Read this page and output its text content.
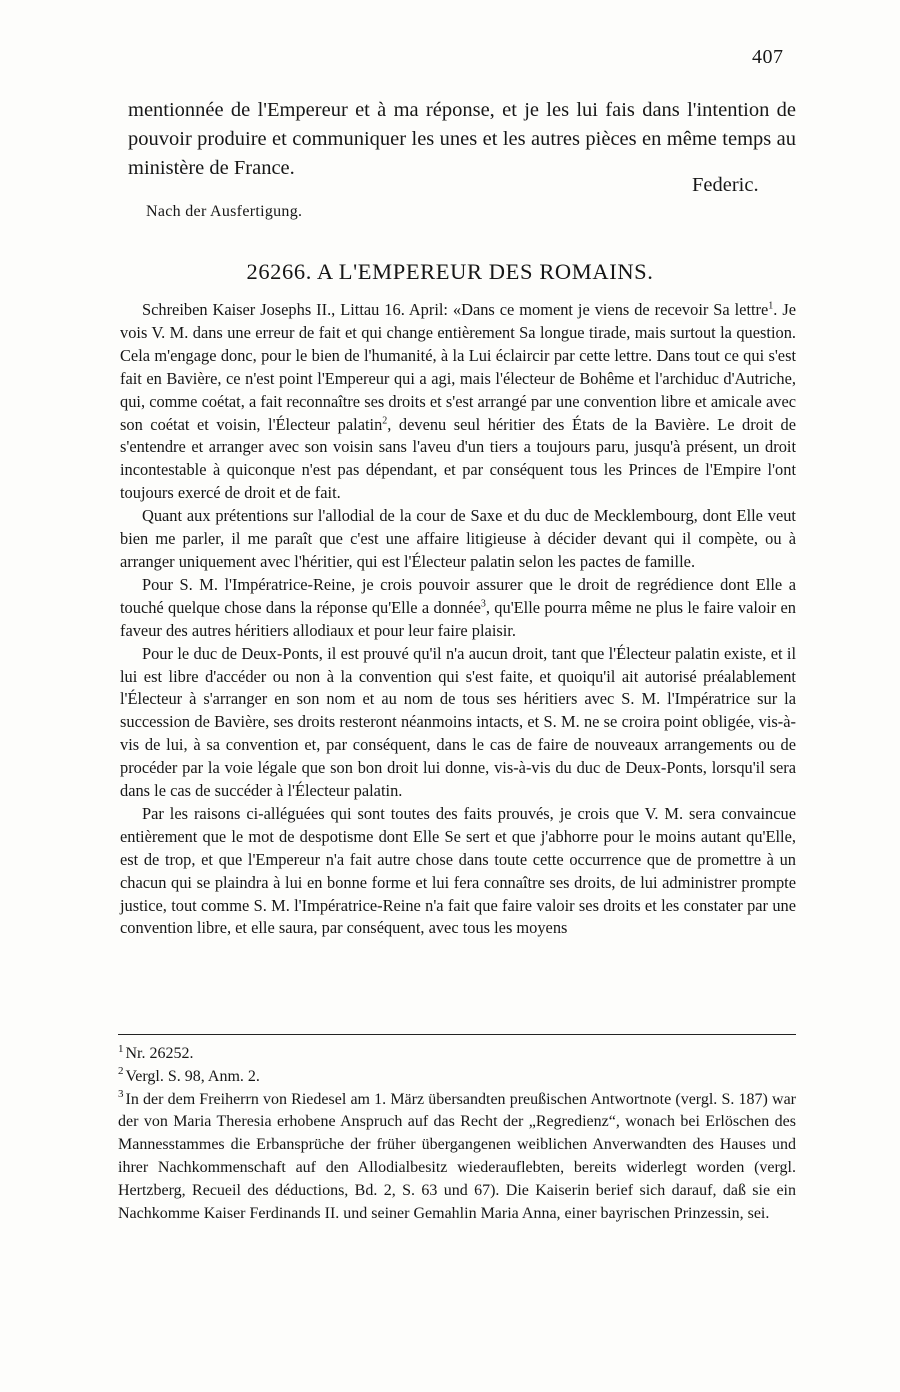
407

mentionnée de l'Empereur et à ma réponse, et je les lui fais dans l'intention de pouvoir produire et communiquer les unes et les autres pièces en même temps au ministère de France.

Federic.
Nach der Ausfertigung.
26266. A L'EMPEREUR DES ROMAINS.

Schreiben Kaiser Josephs II., Littau 16. April: «Dans ce moment je viens de recevoir Sa lettre$^1$. Je vois V. M. dans une erreur de fait et qui change entièrement Sa longue tirade, mais surtout la question. Cela m'engage donc, pour le bien de l'humanité, à la Lui éclaircir par cette lettre. Dans tout ce qui s'est fait en Bavière, ce n'est point l'Empereur qui a agi, mais l'électeur de Bohême et l'archiduc d'Autriche, qui, comme coétat, a fait reconnaître ses droits et s'est arrangé par une convention libre et amicale avec son coétat et voisin, l'Électeur palatin$^2$, devenu seul héritier des États de la Bavière. Le droit de s'entendre et arranger avec son voisin sans l'aveu d'un tiers a toujours paru, jusqu'à présent, un droit incontestable à quiconque n'est pas dépendant, et par conséquent tous les Princes de l'Empire l'ont toujours exercé de droit et de fait.

Quant aux prétentions sur l'allodial de la cour de Saxe et du duc de Mecklembourg, dont Elle veut bien me parler, il me paraît que c'est une affaire litigieuse à décider devant qui il compète, ou à arranger uniquement avec l'héritier, qui est l'Électeur palatin selon les pactes de famille.

Pour S. M. l'Impératrice-Reine, je crois pouvoir assurer que le droit de regrédience dont Elle a touché quelque chose dans la réponse qu'Elle a donnée$^3$, qu'Elle pourra même ne plus le faire valoir en faveur des autres héritiers allodiaux et pour leur faire plaisir.

Pour le duc de Deux-Ponts, il est prouvé qu'il n'a aucun droit, tant que l'Électeur palatin existe, et il lui est libre d'accéder ou non à la convention qui s'est faite, et quoiqu'il ait autorisé préalablement l'Électeur à s'arranger en son nom et au nom de tous ses héritiers avec S. M. l'Impératrice sur la succession de Bavière, ses droits resteront néanmoins intacts, et S. M. ne se croira point obligée, vis-à-vis de lui, à sa convention et, par conséquent, dans le cas de faire de nouveaux arrangements ou de procéder par la voie légale que son bon droit lui donne, vis-à-vis du duc de Deux-Ponts, lorsqu'il sera dans le cas de succéder à l'Électeur palatin.

Par les raisons ci-alléguées qui sont toutes des faits prouvés, je crois que V. M. sera convaincue entièrement que le mot de despotisme dont Elle Se sert et que j'abhorre pour le moins autant qu'Elle, est de trop, et que l'Empereur n'a fait autre chose dans toute cette occurrence que de promettre à un chacun qui se plaindra à lui en bonne forme et lui fera connaître ses droits, de lui administrer prompte justice, tout comme S. M. l'Impératrice-Reine n'a fait que faire valoir ses droits et les constater par une convention libre, et elle saura, par conséquent, avec tous les moyens

$^1$ Nr. 26252.

$^2$ Vergl. S. 98, Anm. 2.

$^3$ In der dem Freiherrn von Riedesel am 1. März übersandten preußischen Antwortnote (vergl. S. 187) war der von Maria Theresia erhobene Anspruch auf das Recht der „Regredienz“, wonach bei Erlöschen des Mannesstammes die Erbansprüche der früher übergangenen weiblichen Anverwandten des Hauses und ihrer Nachkommenschaft auf den Allodialbesitz wiederauflebten, bereits widerlegt worden (vergl. Hertzberg, Recueil des déductions, Bd. 2, S. 63 und 67). Die Kaiserin berief sich darauf, daß sie ein Nachkomme Kaiser Ferdinands II. und seiner Gemahlin Maria Anna, einer bayrischen Prinzessin, sei.
